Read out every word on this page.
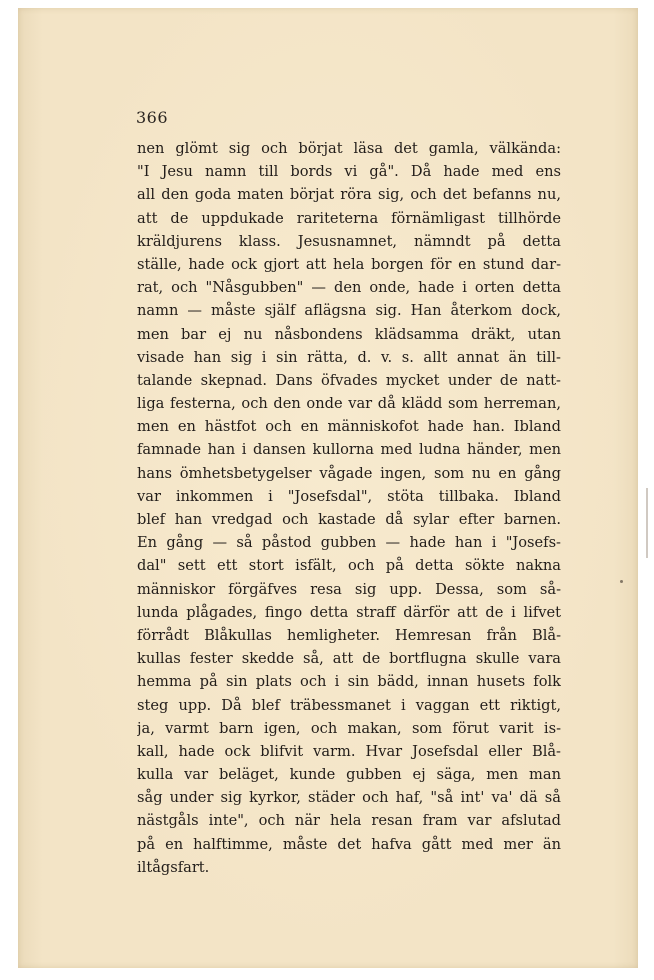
366
nen glömt sig och börjat läsa det gamla, välkända:
"I Jesu namn till bords vi gå". Då hade med ens
all den goda maten börjat röra sig, och det befanns nu,
att de uppdukade rariteterna förnämligast tillhörde
kräldjurens klass. Jesusnamnet, nämndt på detta
ställe, hade ock gjort att hela borgen för en stund dar-
rat, och "Nåsgubben" — den onde, hade i orten detta
namn — måste själf aflägsna sig. Han återkom dock,
men bar ej nu nåsbondens klädsamma dräkt, utan
visade han sig i sin rätta, d. v. s. allt annat än till-
talande skepnad. Dans öfvades mycket under de natt-
liga festerna, och den onde var då klädd som herreman,
men en hästfot och en människofot hade han. Ibland
famnade han i dansen kullorna med ludna händer, men
hans ömhetsbetygelser vågade ingen, som nu en gång
var inkommen i "Josefsdal", stöta tillbaka. Ibland
blef han vredgad och kastade då sylar efter barnen.
En gång — så påstod gubben — hade han i "Josefs-
dal" sett ett stort isfält, och på detta sökte nakna
människor förgäfves resa sig upp. Dessa, som så-
lunda plågades, fingo detta straff därför att de i lifvet
förrådt Blåkullas hemligheter. Hemresan från Blå-
kullas fester skedde så, att de bortflugna skulle vara
hemma på sin plats och i sin bädd, innan husets folk
steg upp. Då blef träbessmanet i vaggan ett riktigt,
ja, varmt barn igen, och makan, som förut varit is-
kall, hade ock blifvit varm. Hvar Josefsdal eller Blå-
kulla var beläget, kunde gubben ej säga, men man
såg under sig kyrkor, städer och haf, "så int' va' dä så
nästgåls inte", och när hela resan fram var afslutad
på en halftimme, måste det hafva gått med mer än
iltågsfart.
